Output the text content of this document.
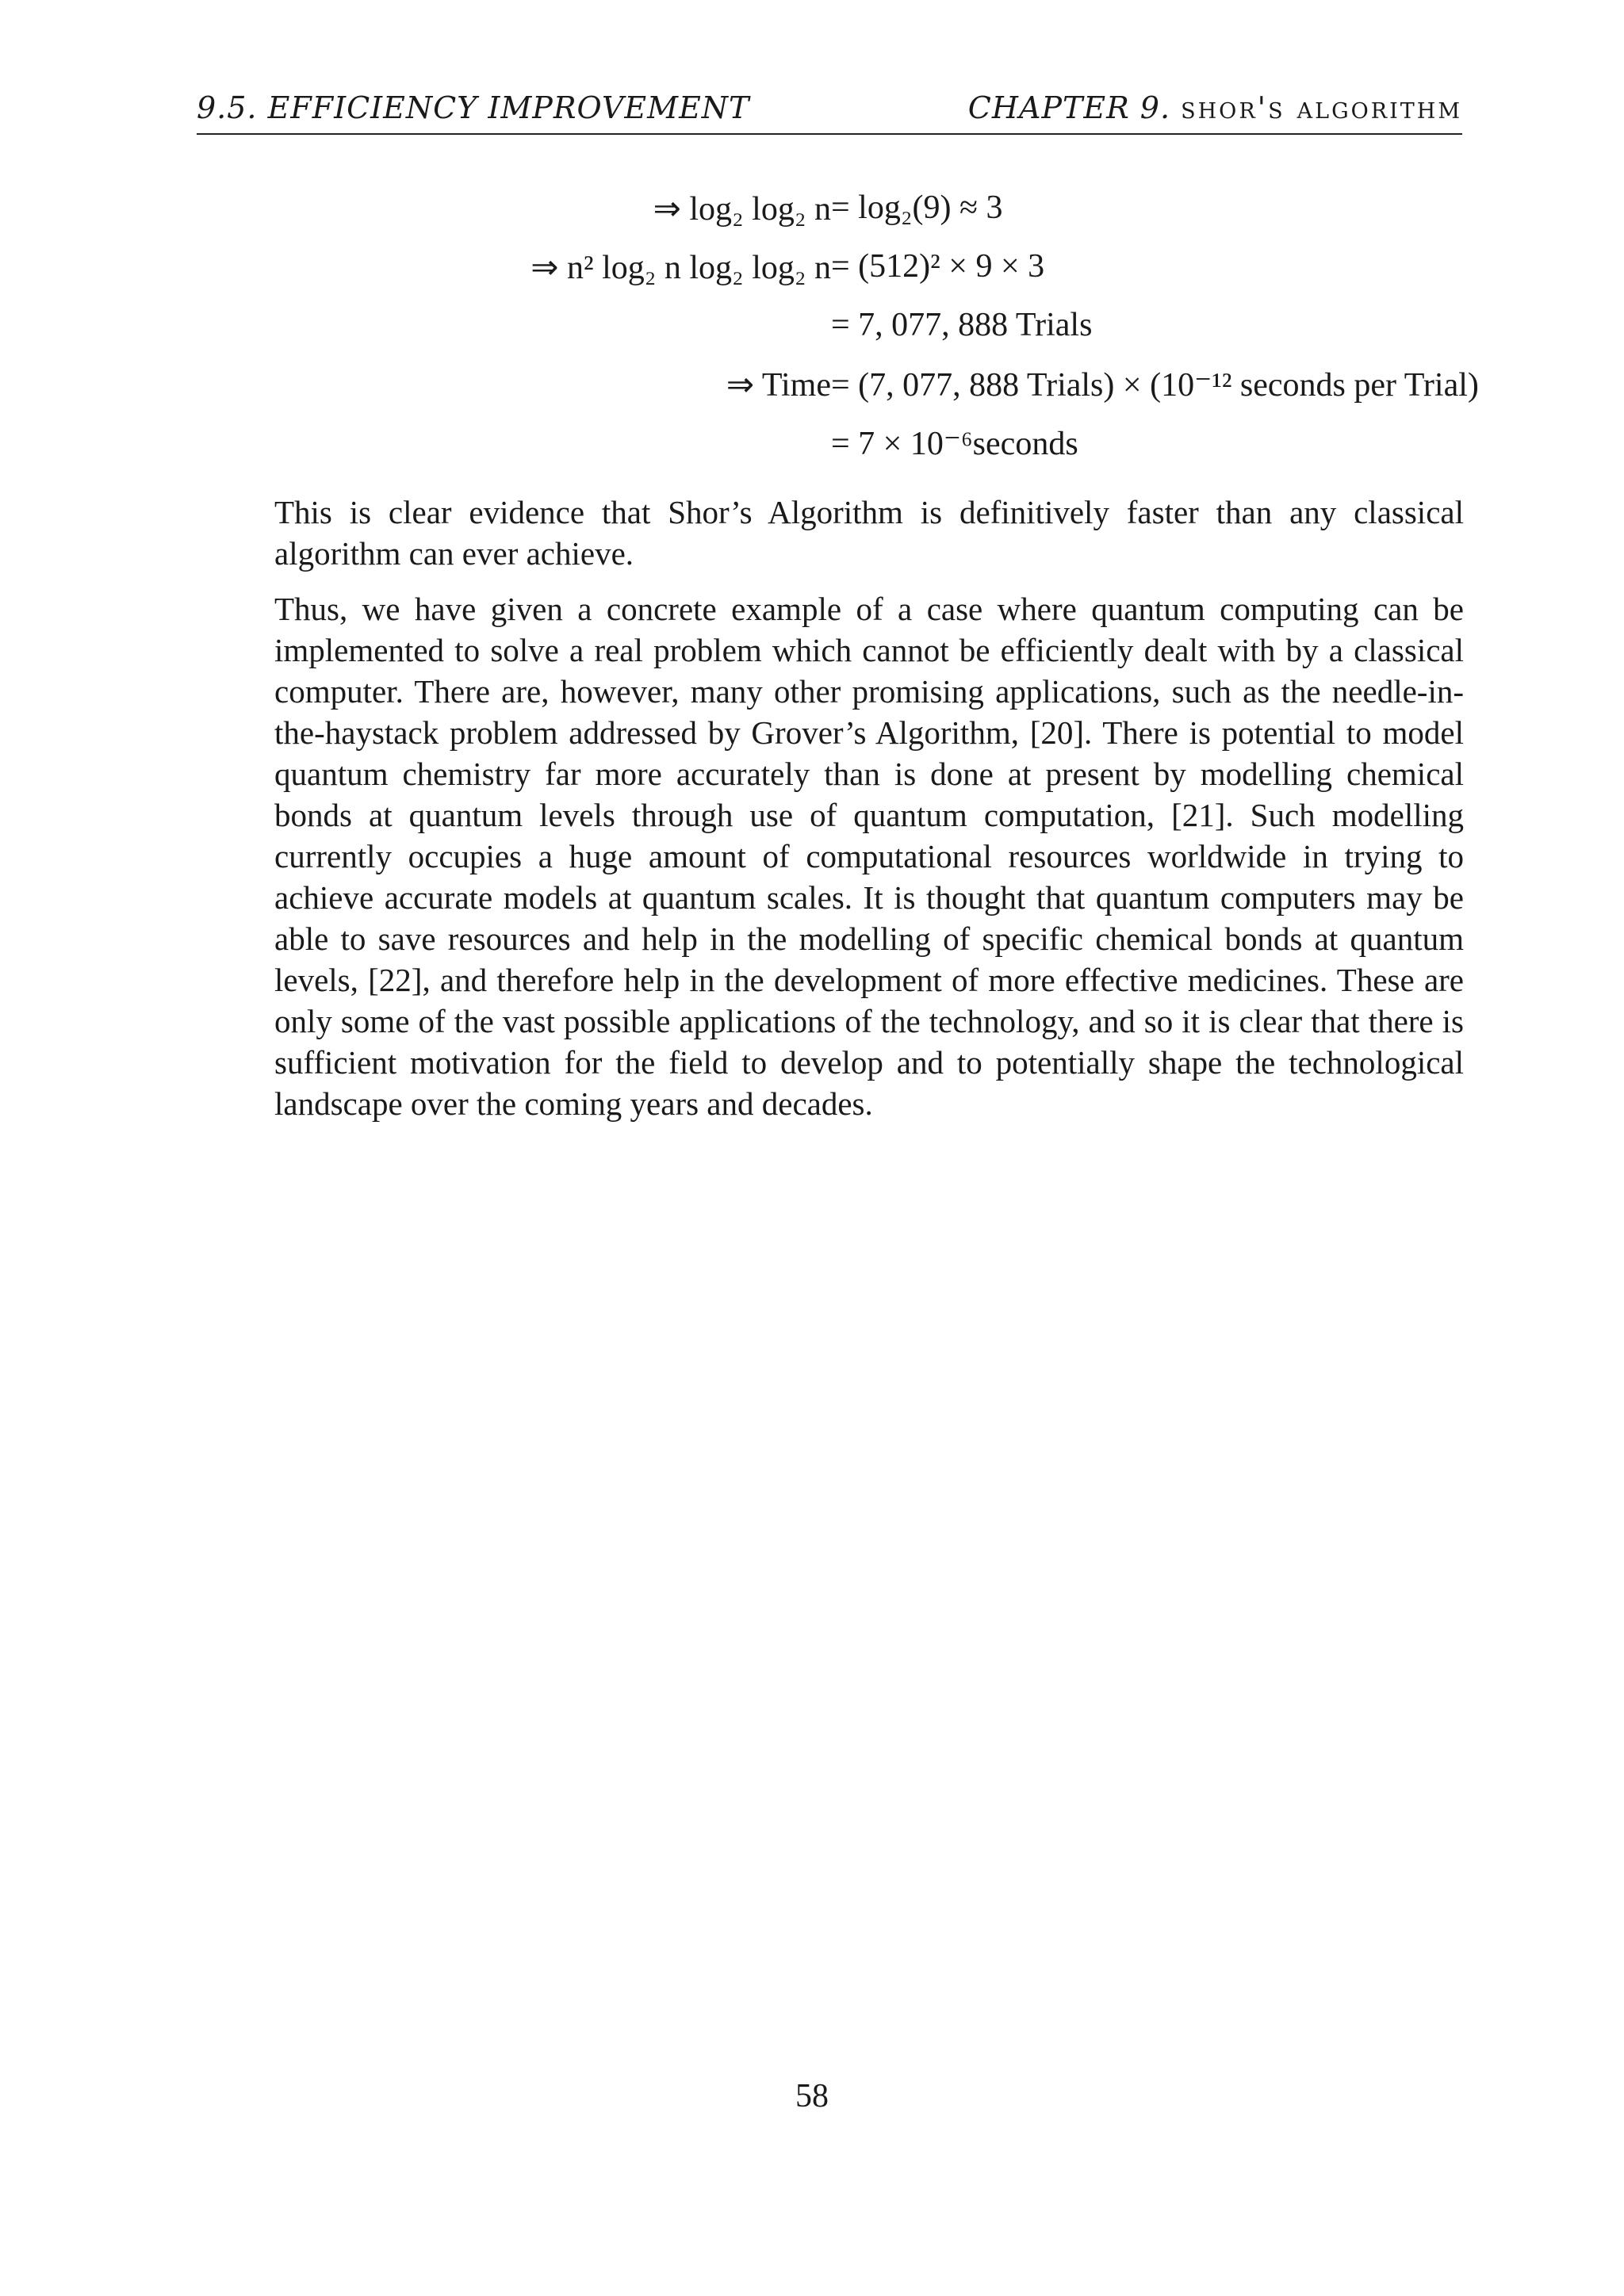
9.5. EFFICIENCY IMPROVEMENT	CHAPTER 9. shor's algorithm
⇒ log₂ log₂ n = log₂(9) ≈ 3
⇒ n² log₂ n log₂ log₂ n = (512)² × 9 × 3
= 7, 077, 888 Trials
⇒ Time = (7, 077, 888 Trials) × (10⁻¹² seconds per Trial)
= 7 × 10⁻⁶seconds

This is clear evidence that Shor’s Algorithm is definitively faster than any classical algorithm can ever achieve.

Thus, we have given a concrete example of a case where quantum computing can be implemented to solve a real problem which cannot be efficiently dealt with by a classical computer. There are, however, many other promising applications, such as the needle-in-the-haystack problem addressed by Grover’s Algorithm, [20]. There is potential to model quantum chemistry far more accurately than is done at present by modelling chemical bonds at quantum levels through use of quantum computation, [21]. Such modelling currently occupies a huge amount of computational resources worldwide in trying to achieve accurate models at quantum scales. It is thought that quantum computers may be able to save resources and help in the modelling of specific chemical bonds at quantum levels, [22], and therefore help in the development of more effective medicines. These are only some of the vast possible applications of the technology, and so it is clear that there is sufficient motivation for the field to develop and to potentially shape the technological landscape over the coming years and decades.

58
